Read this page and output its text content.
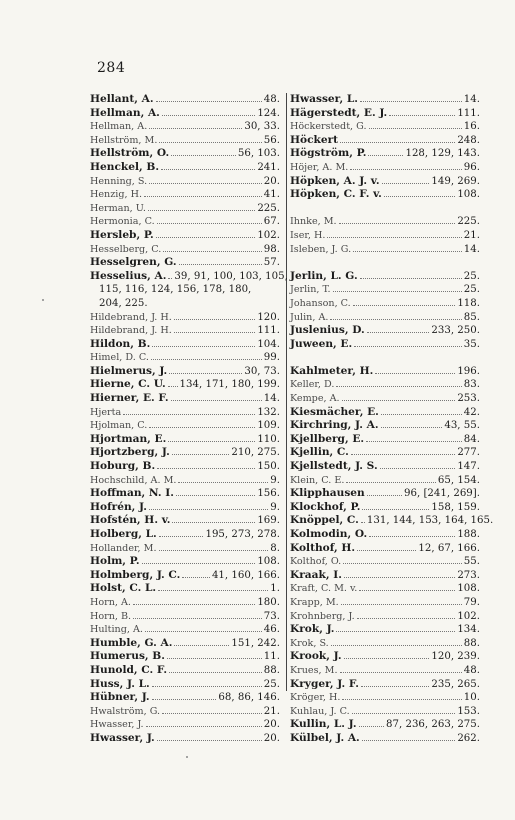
284
Hellant, A.	48.
Hellman, A.	124.
Hellman, A.	30, 33.
Hellström, M.	56.
Hellström, O.	56, 103.
Henckel, B.	241.
Henning, S.	20.
Henzig, H.	41.
Herman, U.	225.
Hermonia, C.	67.
Hersleb, P.	102.
Hesselberg, C.	98.
Hesselgren, G.	57.
Hesselius, A. 39, 91, 100, 103, 105,
115, 116, 124, 156, 178, 180,
204, 225.
Hildebrand, J. H.	120.
Hildebrand, J. H.	111.
Hildon, B.	104.
Himel, D. C.	99.
Hielmerus, J.	30, 73.
Hierne, C. U. 134, 171, 180, 199.
Hierner, E. F.	14.
Hjerta	132.
Hjolman, C.	109.
Hjortman, E.	110.
Hjortzberg, J.	210, 275.
Hoburg, B.	150.
Hochschild, A. M.	9.
Hoffman, N. I.	156.
Hofrén, J.	9.
Hofstén, H. v.	169.
Holberg, L.	195, 273, 278.
Hollander, M.	8.
Holm, P.	108.
Holmberg, J. C.	41, 160, 166.
Holst, C. L.	1.
Horn, A.	180.
Horn, B.	73.
Hulting, A.	46.
Humble, G. A.	151, 242.
Humerus, B.	11.
Hunold, C. F.	88.
Huss, J. L.	25.
Hübner, J.	68, 86, 146.
Hwalström, G.	21.
Hwasser, J.	20.
Hwasser, J.	20.
Hwasser, L.	14.
Hägerstedt, E. J.	111.
Höckerstedt, G.	16.
Höckert	248.
Högström, P.	128, 129, 143.
Höjer, A. M.	96.
Höpken, A. J. v.	149, 269.
Höpken, C. F. v.	108.
Ihnke, M.	225.
Iser, H.	21.
Isleben, J. G.	14.
Jerlin, L. G.	25.
Jerlin, T.	25.
Johanson, C.	118.
Julin, A.	85.
Juslenius, D.	233, 250.
Juween, E.	35.
Kahlmeter, H.	196.
Keller, D.	83.
Kempe, A.	253.
Kiesmächer, E.	42.
Kirchring, J. A.	43, 55.
Kjellberg, E.	84.
Kjellin, C.	277.
Kjellstedt, J. S.	147.
Klein, C. E.	65, 154.
Klipphausen	96, [241, 269].
Klockhof, P.	158, 159.
Knöppel, C. 131, 144, 153, 164, 165.
Kolmodin, O.	188.
Kolthof, H.	12, 67, 166.
Kolthof, O.	55.
Kraak, I.	273.
Kraft, C. M. v.	108.
Krapp, M.	79.
Krohnberg, J.	102.
Krok, J.	134.
Krok, S.	88.
Krook, J.	120, 239.
Krues, M.	48.
Kryger, J. F.	235, 265.
Kröger, H.	10.
Kuhlau, J. C.	153.
Kullin, L. J.	87, 236, 263, 275.
Külbel, J. A.	262.
